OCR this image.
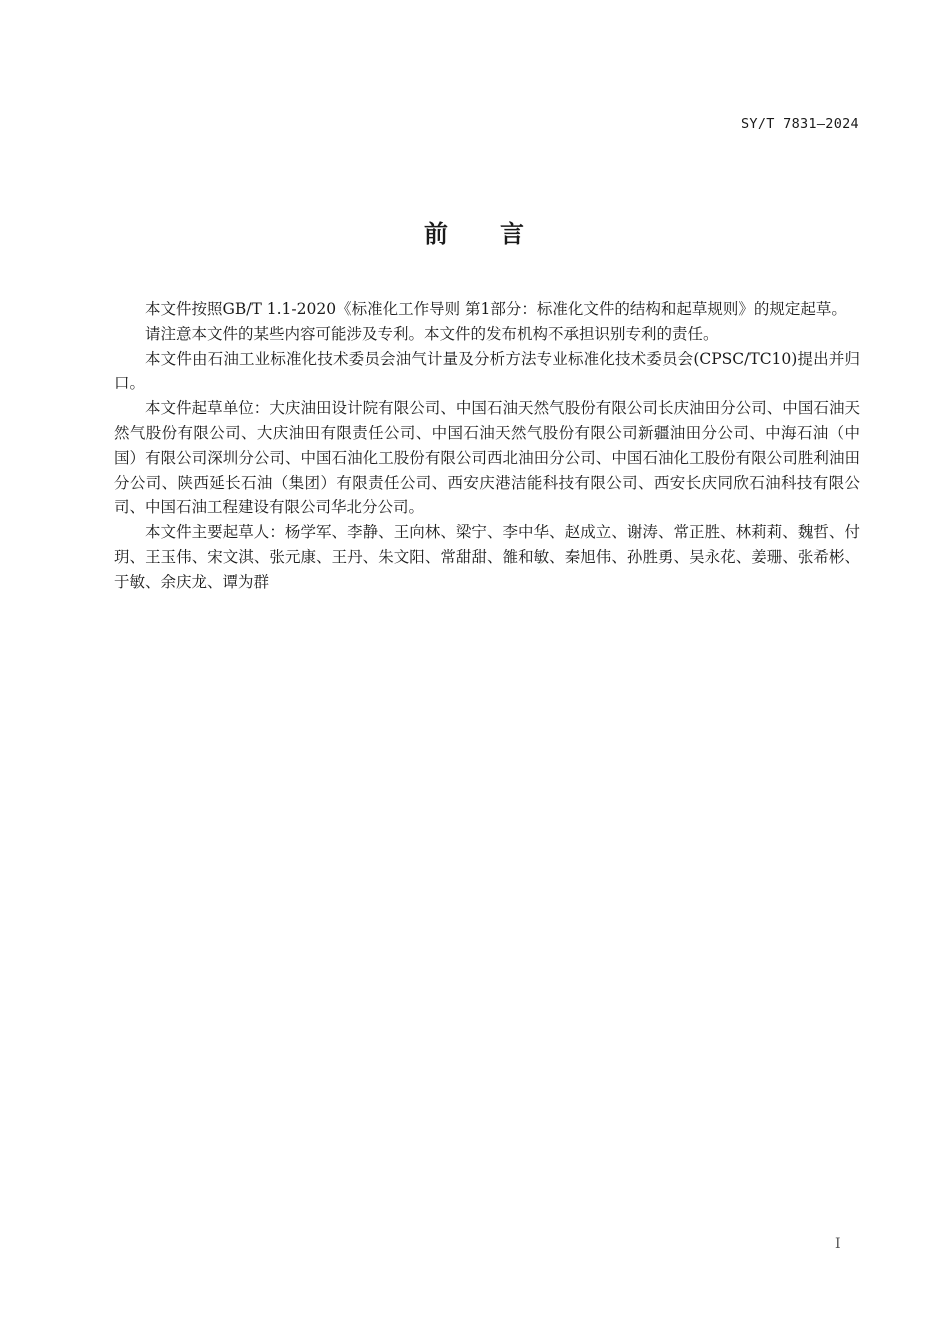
SY/T 7831—2024
前 言

本文件按照GB/T 1.1-2020《标准化工作导则 第1部分：标准化文件的结构和起草规则》的规定起草。

请注意本文件的某些内容可能涉及专利。本文件的发布机构不承担识别专利的责任。

本文件由石油工业标准化技术委员会油气计量及分析方法专业标准化技术委员会(CPSC/TC10)提出并归口。

本文件起草单位：大庆油田设计院有限公司、中国石油天然气股份有限公司长庆油田分公司、中国石油天然气股份有限公司、大庆油田有限责任公司、中国石油天然气股份有限公司新疆油田分公司、中海石油（中国）有限公司深圳分公司、中国石油化工股份有限公司西北油田分公司、中国石油化工股份有限公司胜利油田分公司、陕西延长石油（集团）有限责任公司、西安庆港洁能科技有限公司、西安长庆同欣石油科技有限公司、中国石油工程建设有限公司华北分公司。

本文件主要起草人：杨学军、李静、王向林、梁宁、李中华、赵成立、谢涛、常正胜、林莉莉、魏哲、付玥、王玉伟、宋文淇、张元康、王丹、朱文阳、常甜甜、雒和敏、秦旭伟、孙胜勇、吴永花、姜珊、张希彬、于敏、余庆龙、谭为群

I
